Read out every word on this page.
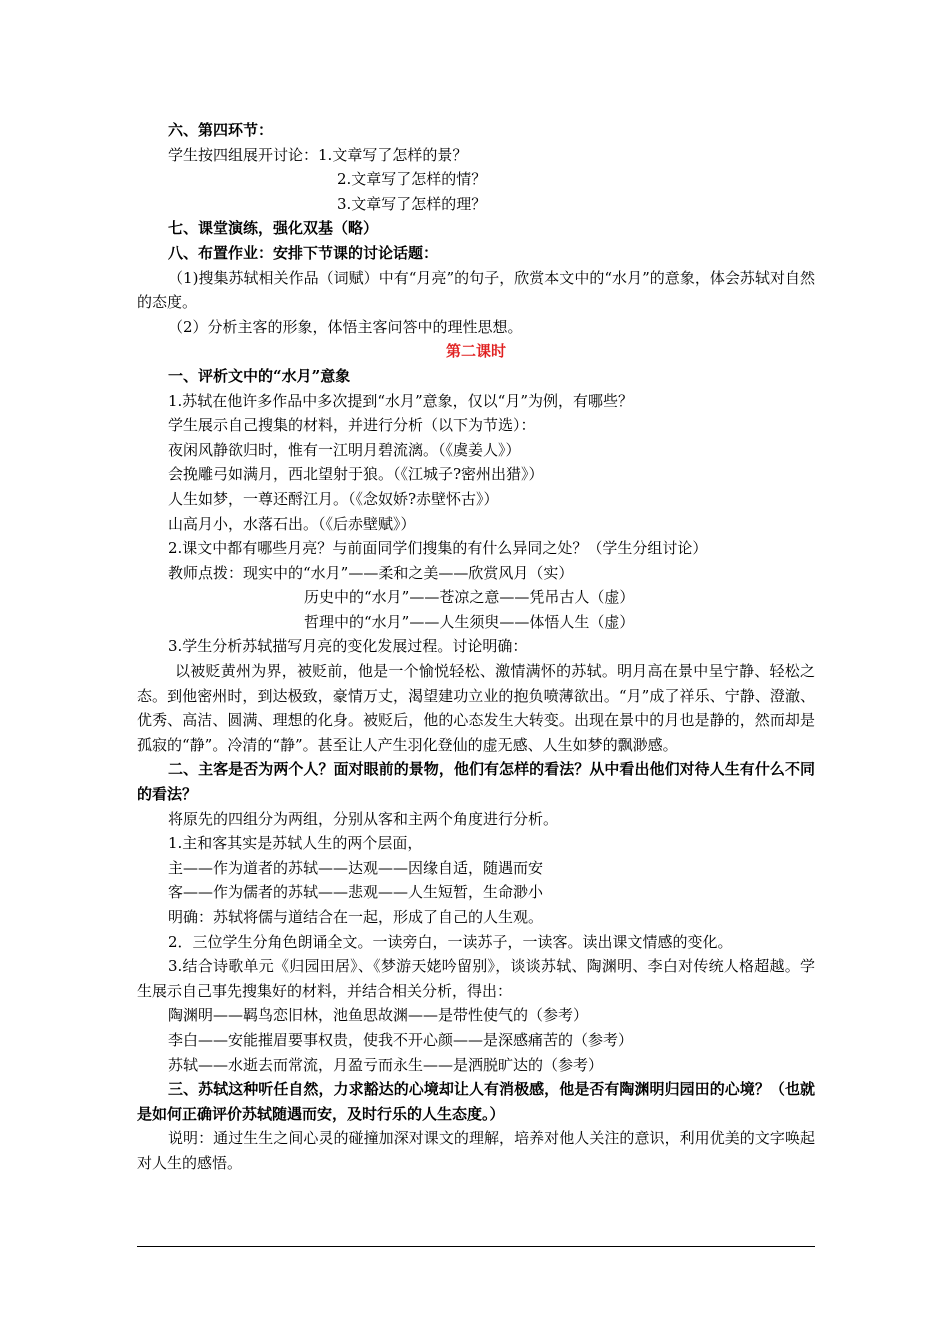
六、第四环节：
学生按四组展开讨论：1.文章写了怎样的景？
2.文章写了怎样的情？
3.文章写了怎样的理？
七、课堂演练，强化双基（略）
八、布置作业：安排下节课的讨论话题：
（1)搜集苏轼相关作品（词赋）中有“月亮”的句子，欣赏本文中的“水月”的意象，体会苏轼对自然的态度。
（2）分析主客的形象，体悟主客问答中的理性思想。
第二课时
一、评析文中的“水月”意象
1.苏轼在他许多作品中多次提到“水月”意象，仅以“月”为例，有哪些？
学生展示自己搜集的材料，并进行分析（以下为节选）：
夜闲风静欲归时，惟有一江明月碧流漓。（《虞姜人》）
会挽雕弓如满月，西北望射于狼。（《江城子?密州出猎》）
人生如梦，一尊还酹江月。（《念奴娇?赤壁怀古》）
山高月小，水落石出。（《后赤壁赋》）
2.课文中都有哪些月亮？与前面同学们搜集的有什么异同之处？（学生分组讨论）
教师点拨：现实中的“水月”——柔和之美——欣赏风月（实）
历史中的“水月”——苍凉之意——凭吊古人（虚）
哲理中的“水月”——人生须臾——体悟人生（虚）
3.学生分析苏轼描写月亮的变化发展过程。讨论明确：
以被贬黄州为界，被贬前，他是一个愉悦轻松、激情满怀的苏轼。明月高在景中呈宁静、轻松之态。到他密州时，到达极致，豪情万丈，渴望建功立业的抱负喷薄欲出。“月”成了祥乐、宁静、澄澈、优秀、高洁、圆满、理想的化身。被贬后，他的心态发生大转变。出现在景中的月也是静的，然而却是孤寂的“静”。冷清的“静”。甚至让人产生羽化登仙的虚无感、人生如梦的飘渺感。
二、主客是否为两个人？面对眼前的景物，他们有怎样的看法？从中看出他们对待人生有什么不同的看法？
将原先的四组分为两组，分别从客和主两个角度进行分析。
1.主和客其实是苏轼人生的两个层面，
主——作为道者的苏轼——达观——因缘自适，随遇而安
客——作为儒者的苏轼——悲观——人生短暂，生命渺小
明确：苏轼将儒与道结合在一起，形成了自己的人生观。
2．三位学生分角色朗诵全文。一读旁白，一读苏子，一读客。读出课文情感的变化。
3.结合诗歌单元《归园田居》、《梦游天姥吟留别》，谈谈苏轼、陶渊明、李白对传统人格超越。学生展示自己事先搜集好的材料，并结合相关分析，得出：
陶渊明——羁鸟恋旧林，池鱼思故渊——是带性使气的（参考）
李白——安能摧眉要事权贵，使我不开心颜——是深感痛苦的（参考）
苏轼——水逝去而常流，月盈亏而永生——是洒脱旷达的（参考）
三、苏轼这种听任自然，力求豁达的心境却让人有消极感，他是否有陶渊明归园田的心境？（也就是如何正确评价苏轼随遇而安，及时行乐的人生态度。）
说明：通过生生之间心灵的碰撞加深对课文的理解，培养对他人关注的意识，利用优美的文字唤起对人生的感悟。
